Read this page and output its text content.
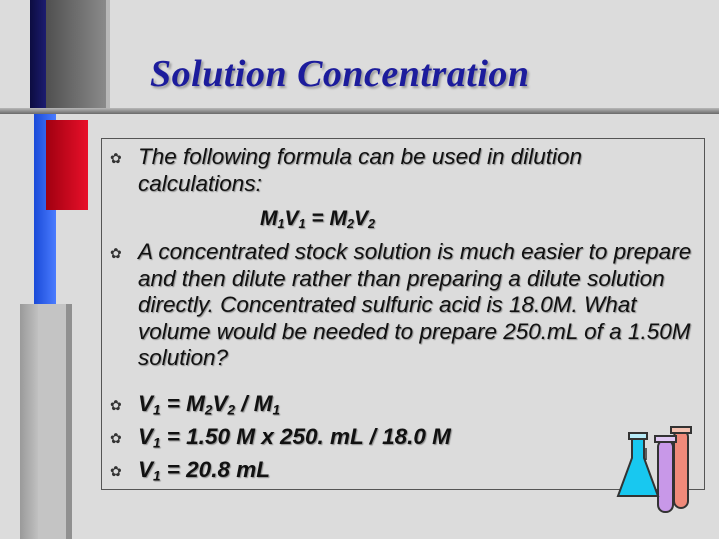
Solution Concentration
✿ The following formula can be used in dilution calculations:
$M_1V_1 = M_2V_2$
✿ A concentrated stock solution is much easier to prepare and then dilute rather than preparing a dilute solution directly. Concentrated sulfuric acid is 18.0M. What volume would be needed to prepare 250.mL of a 1.50M solution?
✿ $V_1 = M_2V_2 / M_1$
✿ $V_1 = 1.50$ M x 250. mL / 18.0 M
✿ $V_1 = 20.8$ mL
